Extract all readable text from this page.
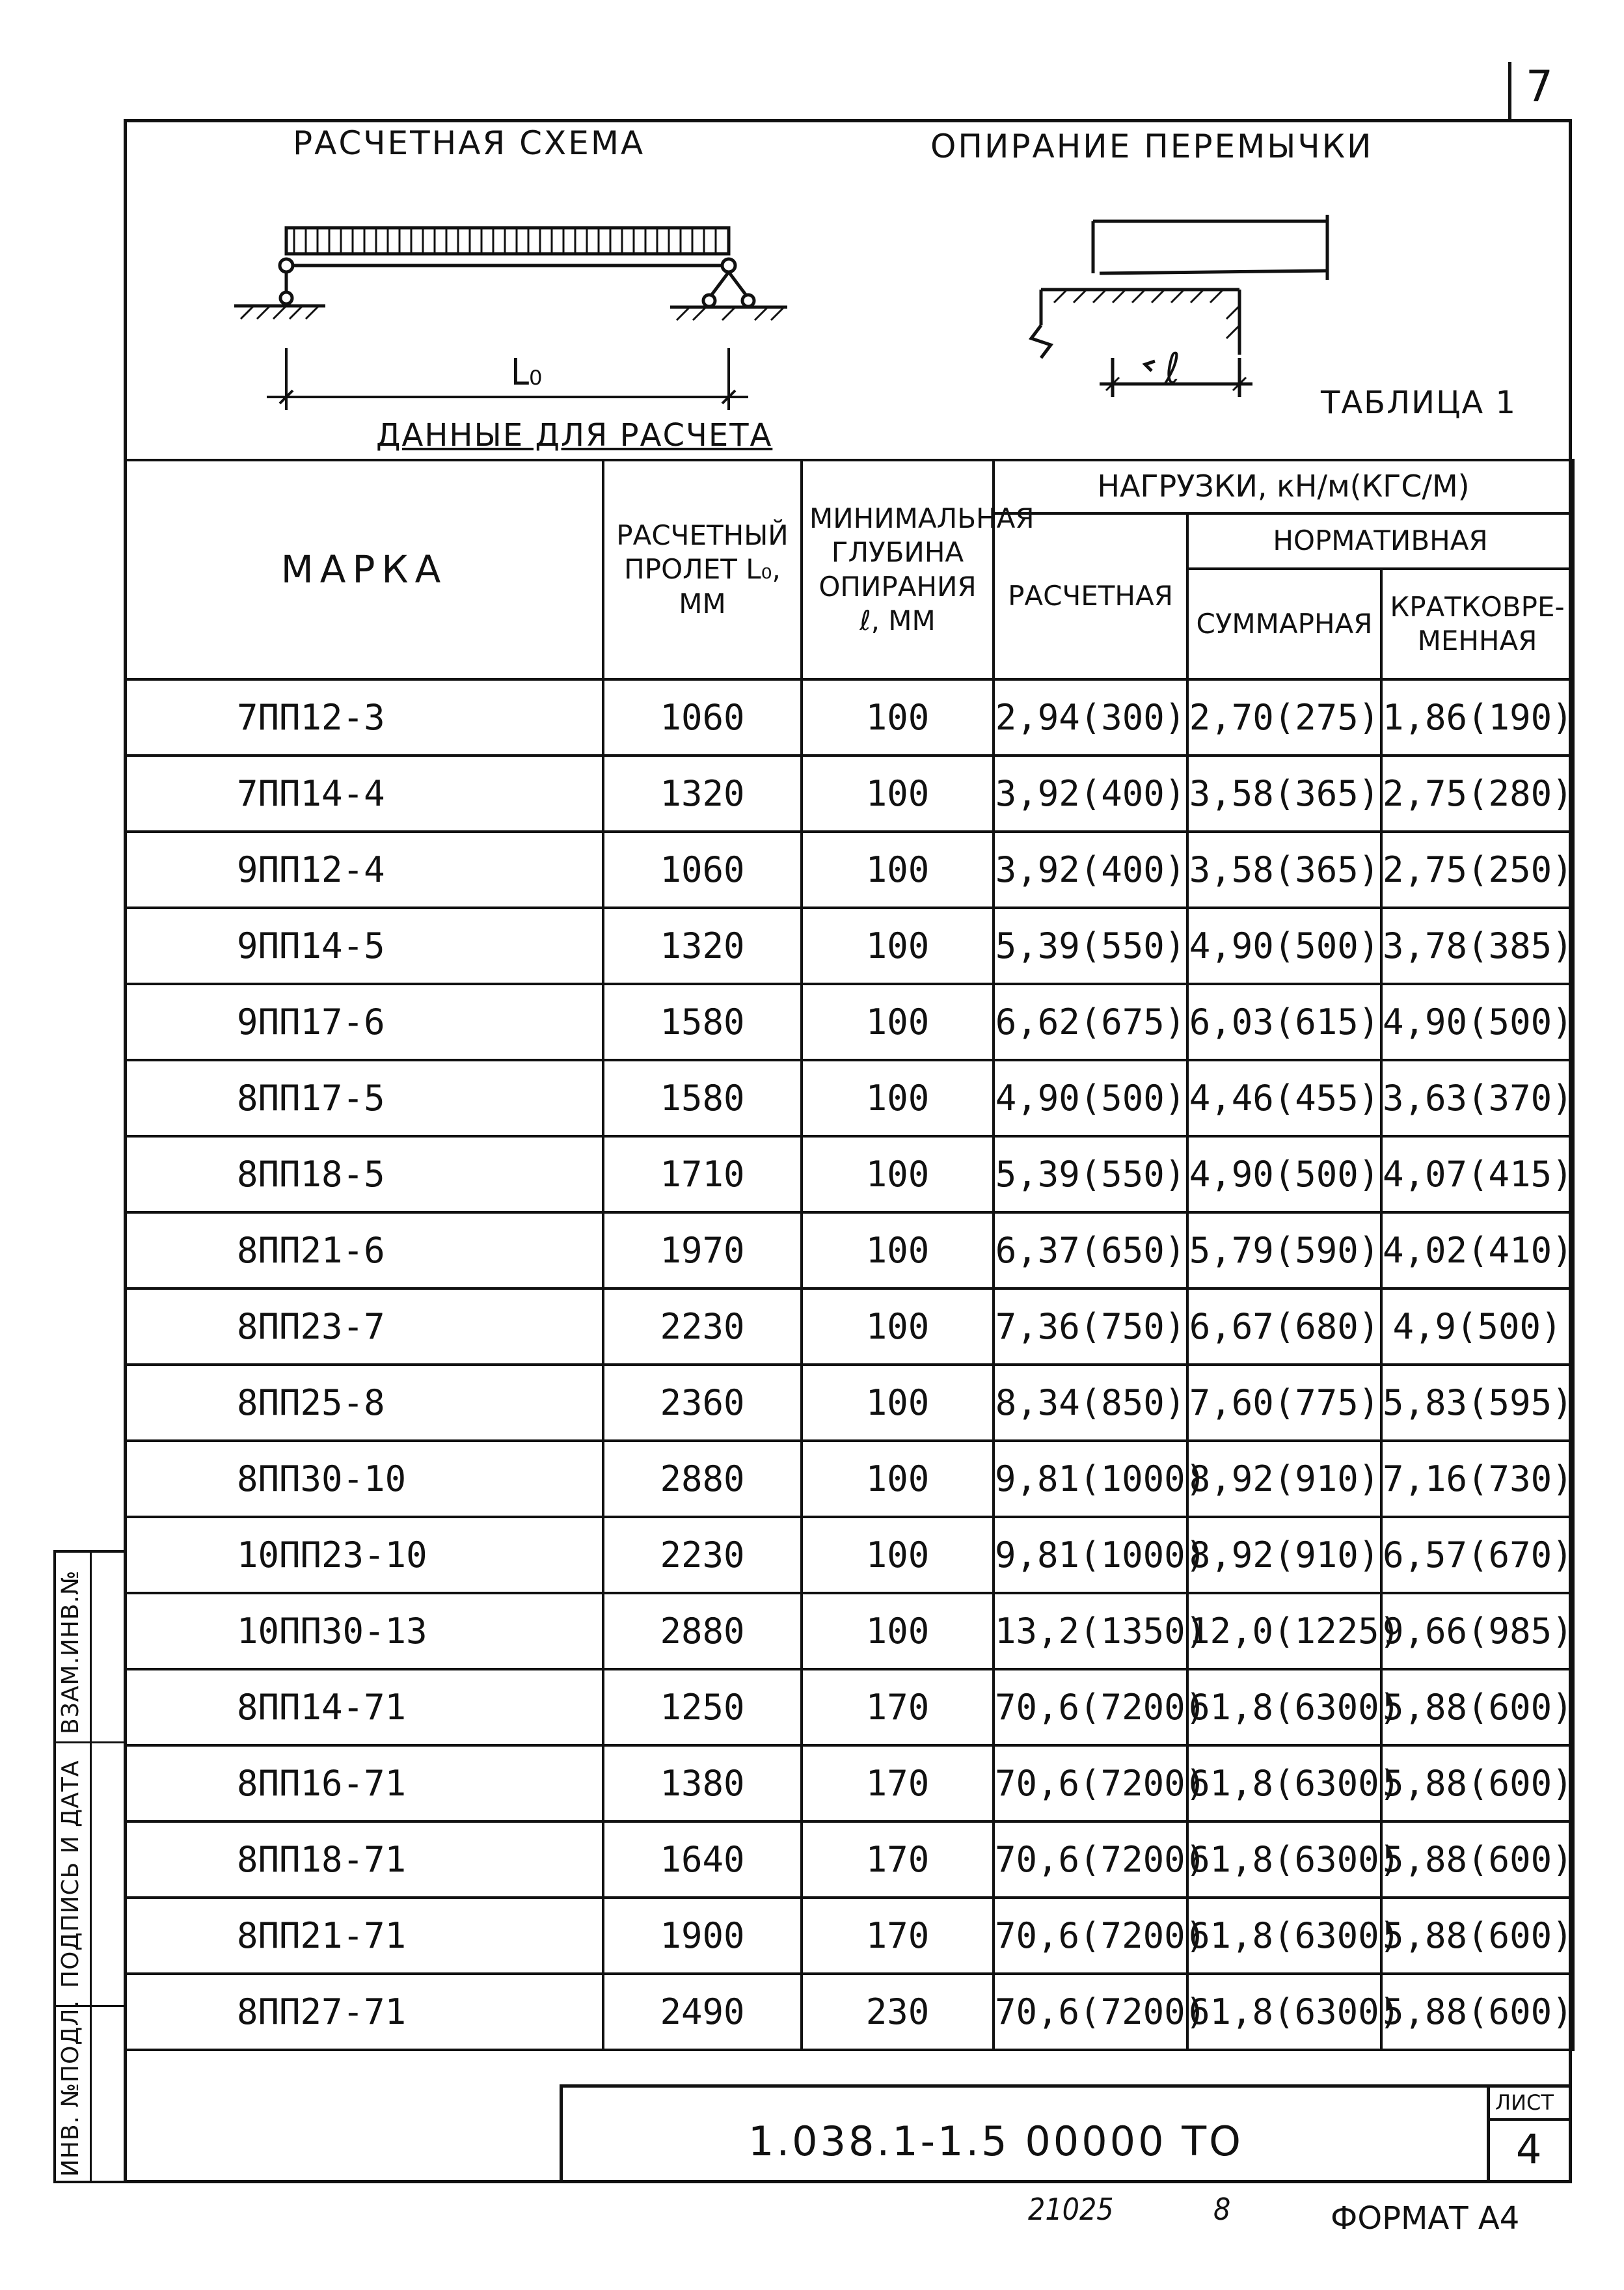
7
РАСЧЕТНАЯ СХЕМА	ОПИРАНИЕ ПЕРЕМЫЧКИ
L₀	ℓ
ТАБЛИЦА 1
ДАННЫЕ ДЛЯ РАСЧЕТА
МАРКА	РАСЧЕТНЫЙ ПРОЛЕТ L₀, ММ	МИНИМАЛЬНАЯ ГЛУБИНА ОПИРАНИЯ ℓ, ММ	НАГРУЗКИ, кН/м(КГС/М)		
			РАСЧЕТНАЯ	НОРМАТИВНАЯ	
				СУММАРНАЯ	КРАТКОВРЕ-МЕННАЯ
7ПП12-3	1060	100	2,94(300)	2,70(275)	1,86(190)
7ПП14-4	1320	100	3,92(400)	3,58(365)	2,75(280)
9ПП12-4	1060	100	3,92(400)	3,58(365)	2,75(250)
9ПП14-5	1320	100	5,39(550)	4,90(500)	3,78(385)
9ПП17-6	1580	100	6,62(675)	6,03(615)	4,90(500)
8ПП17-5	1580	100	4,90(500)	4,46(455)	3,63(370)
8ПП18-5	1710	100	5,39(550)	4,90(500)	4,07(415)
8ПП21-6	1970	100	6,37(650)	5,79(590)	4,02(410)
8ПП23-7	2230	100	7,36(750)	6,67(680)	4,9(500)
8ПП25-8	2360	100	8,34(850)	7,60(775)	5,83(595)
8ПП30-10	2880	100	9,81(1000)	8,92(910)	7,16(730)
10ПП23-10	2230	100	9,81(1000)	8,92(910)	6,57(670)
10ПП30-13	2880	100	13,2(1350)	12,0(1225)	9,66(985)
8ПП14-71	1250	170	70,6(7200)	61,8(6300)	5,88(600)
8ПП16-71	1380	170	70,6(7200)	61,8(6300)	5,88(600)
8ПП18-71	1640	170	70,6(7200)	61,8(6300)	5,88(600)
8ПП21-71	1900	170	70,6(7200)	61,8(6300)	5,88(600)
8ПП27-71	2490	230	70,6(7200)	61,8(6300)	5,88(600)
ВЗАМ.ИНВ.№
ПОДПИСЬ И ДАТА
ИНВ. №ПОДЛ.	ЛИСТ
4
1.038.1-1.5 00000 ТО
21025	8	ФОРМАТ А4
